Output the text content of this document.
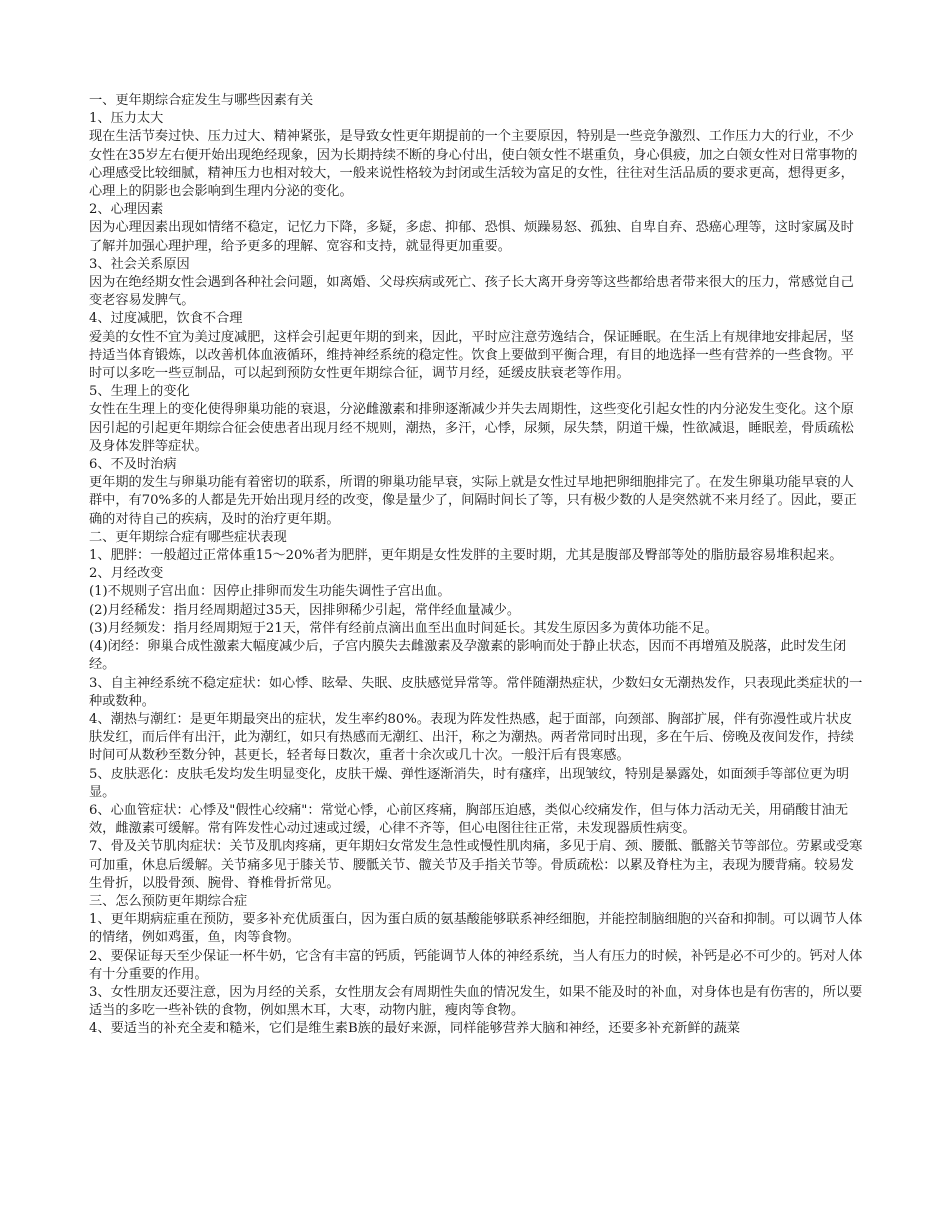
一、更年期综合症发生与哪些因素有关

1、压力太大

现在生活节奏过快、压力过大、精神紧张，是导致女性更年期提前的一个主要原因，特别是一些竞争激烈、工作压力大的行业，不少女性在35岁左右便开始出现绝经现象，因为长期持续不断的身心付出，使白领女性不堪重负，身心俱疲，加之白领女性对日常事物的心理感受比较细腻，精神压力也相对较大，一般来说性格较为封闭或生活较为富足的女性，往往对生活品质的要求更高，想得更多，心理上的阴影也会影响到生理内分泌的变化。

2、心理因素

因为心理因素出现如情绪不稳定，记忆力下降，多疑，多虑、抑郁、恐惧、烦躁易怒、孤独、自卑自弃、恐癌心理等，这时家属及时了解并加强心理护理，给予更多的理解、宽容和支持，就显得更加重要。

3、社会关系原因

因为在绝经期女性会遇到各种社会问题，如离婚、父母疾病或死亡、孩子长大离开身旁等这些都给患者带来很大的压力，常感觉自己变老容易发脾气。

4、过度减肥，饮食不合理

爱美的女性不宜为美过度减肥，这样会引起更年期的到来，因此，平时应注意劳逸结合，保证睡眠。在生活上有规律地安排起居，坚持适当体育锻炼，以改善机体血液循环，维持神经系统的稳定性。饮食上要做到平衡合理，有目的地选择一些有营养的一些食物。平时可以多吃一些豆制品，可以起到预防女性更年期综合征，调节月经，延缓皮肤衰老等作用。

5、生理上的变化

女性在生理上的变化使得卵巢功能的衰退，分泌雌激素和排卵逐渐减少并失去周期性，这些变化引起女性的内分泌发生变化。这个原因引起的引起更年期综合征会使患者出现月经不规则，潮热，多汗，心悸，尿频，尿失禁，阴道干燥，性欲减退，睡眠差，骨质疏松及身体发胖等症状。

6、不及时治病

更年期的发生与卵巢功能有着密切的联系，所谓的卵巢功能早衰，实际上就是女性过早地把卵细胞排完了。在发生卵巢功能早衰的人群中，有70%多的人都是先开始出现月经的改变，像是量少了，间隔时间长了等，只有极少数的人是突然就不来月经了。因此，要正确的对待自己的疾病，及时的治疗更年期。

二、更年期综合症有哪些症状表现

1、肥胖：一般超过正常体重15～20%者为肥胖，更年期是女性发胖的主要时期，尤其是腹部及臀部等处的脂肪最容易堆积起来。

2、月经改变

(1)不规则子宫出血：因停止排卵而发生功能失调性子宫出血。

(2)月经稀发：指月经周期超过35天，因排卵稀少引起，常伴经血量减少。

(3)月经频发：指月经周期短于21天，常伴有经前点滴出血至出血时间延长。其发生原因多为黄体功能不足。

(4)闭经：卵巢合成性激素大幅度减少后，子宫内膜失去雌激素及孕激素的影响而处于静止状态，因而不再增殖及脱落，此时发生闭经。

3、自主神经系统不稳定症状：如心悸、眩晕、失眠、皮肤感觉异常等。常伴随潮热症状，少数妇女无潮热发作，只表现此类症状的一种或数种。

4、潮热与潮红：是更年期最突出的症状，发生率约80%。表现为阵发性热感，起于面部，向颈部、胸部扩展，伴有弥漫性或片状皮肤发红，而后伴有出汗，此为潮红，如只有热感而无潮红、出汗，称之为潮热。两者常同时出现，多在午后、傍晚及夜间发作，持续时间可从数秒至数分钟，甚更长，轻者每日数次，重者十余次或几十次。一般汗后有畏寒感。

5、皮肤恶化：皮肤毛发均发生明显变化，皮肤干燥、弹性逐渐消失，时有瘙痒，出现皱纹，特别是暴露处，如面颈手等部位更为明显。

6、心血管症状：心悸及"假性心绞痛"：常觉心悸，心前区疼痛，胸部压迫感，类似心绞痛发作，但与体力活动无关，用硝酸甘油无效，雌激素可缓解。常有阵发性心动过速或过缓，心律不齐等，但心电图往往正常，未发现器质性病变。

7、骨及关节肌肉症状：关节及肌肉疼痛，更年期妇女常发生急性或慢性肌肉痛，多见于肩、颈、腰骶、骶髂关节等部位。劳累或受寒可加重，休息后缓解。关节痛多见于膝关节、腰骶关节、髋关节及手指关节等。骨质疏松：以累及脊柱为主，表现为腰背痛。较易发生骨折，以股骨颈、腕骨、脊椎骨折常见。

三、怎么预防更年期综合症

1、更年期病症重在预防，要多补充优质蛋白，因为蛋白质的氨基酸能够联系神经细胞，并能控制脑细胞的兴奋和抑制。可以调节人体的情绪，例如鸡蛋，鱼，肉等食物。

2、要保证每天至少保证一杯牛奶，它含有丰富的钙质，钙能调节人体的神经系统，当人有压力的时候，补钙是必不可少的。钙对人体有十分重要的作用。

3、女性朋友还要注意，因为月经的关系，女性朋友会有周期性失血的情况发生，如果不能及时的补血，对身体也是有伤害的，所以要适当的多吃一些补铁的食物，例如黑木耳，大枣，动物内脏，瘦肉等食物。

4、要适当的补充全麦和糙米，它们是维生素B族的最好来源，同样能够营养大脑和神经，还要多补充新鲜的蔬菜
